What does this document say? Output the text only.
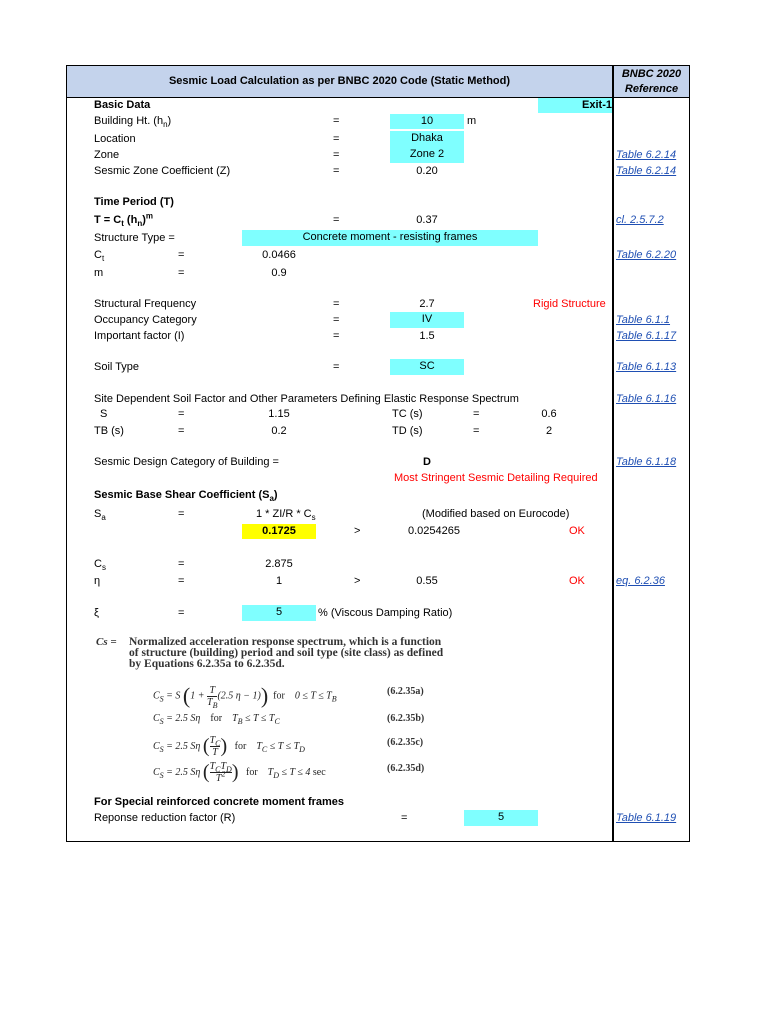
Sesmic Load Calculation as per BNBC 2020 Code (Static Method)
BNBC 2020
Reference
Basic Data	Exit-1
Building Ht. $(h_n)$	=	10	m
Location	=	Dhaka
Zone	=	Zone 2	Table 6.2.14
Sesmic Zone Coefficient (Z)	=	0.20	Table 6.2.14
Time Period (T)
$T = C_t$ $(h_n)^m$	=	0.37	cl. 2.5.7.2
Structure Type =	Concrete moment - resisting frames
$C_t$	=	0.0466	Table 6.2.20
m	=	0.9
Structural Frequency	=	2.7	Rigid Structure
Occupancy Category	=	IV	Table 6.1.1
Important factor (I)	=	1.5	Table 6.1.17
Soil Type	=	SC	Table 6.1.13
Site Dependent Soil Factor and Other Parameters Defining Elastic Response Spectrum	Table 6.1.16
S	=	1.15	TC (s)	=	0.6
TB (s)	=	0.2	TD (s)	=	2
Sesmic Design Category of Building =	D	Table 6.1.18
Most Stringent Sesmic Detailing Required
Sesmic Base Shear Coefficient $(S_a)$
$S_a$	=	$1 * ZI/R * C_s$	(Modified based on Eurocode)
0.1725	>	0.0254265	OK
$C_s$	=	2.875
η	=	1	>	0.55	OK	eq. 6.2.36
ξ	=	5	% (Viscous Damping Ratio)
Cs = Normalized acceleration response spectrum, which is a function
of structure (building) period and soil type (site class) as defined
by Equations 6.2.35a to 6.2.35d.
$C_S = S$ ($1 + \frac{T}{T_B} (2.5$ η − 1)) for    $0 \le T \le T_B$
(6.2.35a)
$C_S = 2.5$ Sη    for    $T_B \le T \le T_C$	(6.2.35b)
$C_S = 2.5$ Sη ( $\frac{T_C}{T}$ ) for    $T_C \le T \le T_D$
(6.2.35c)
$C_S = 2.5$ Sη ( $T_CT_D$
$T^2$ ) for    $T_D \le T \le 4$ sec	(6.2.35d)
For Special reinforced concrete moment frames
Reponse reduction factor (R)	=	5	Table 6.1.19
